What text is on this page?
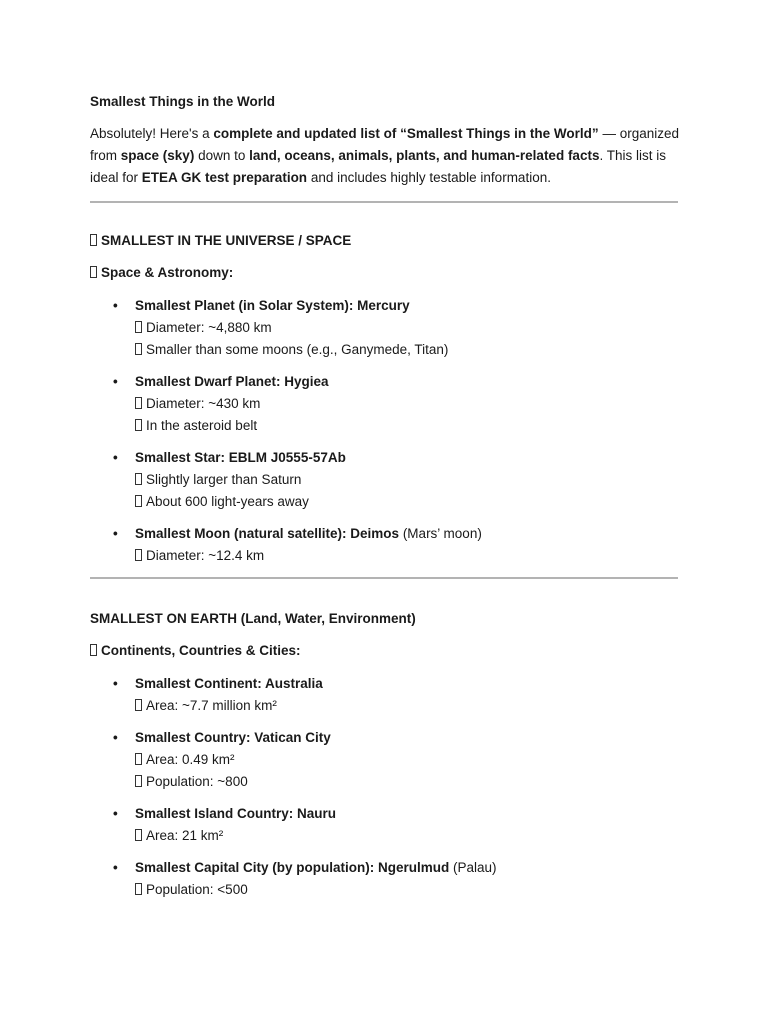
Smallest Things in the World

Absolutely! Here's a complete and updated list of “Smallest Things in the World” — organized from space (sky) down to land, oceans, animals, plants, and human-related facts. This list is ideal for ETEA GK test preparation and includes highly testable information.

SMALLEST IN THE UNIVERSE / SPACE

Space & Astronomy:

• Smallest Planet (in Solar System): Mercury
Diameter: ~4,880 km
Smaller than some moons (e.g., Ganymede, Titan)
• Smallest Dwarf Planet: Hygiea
Diameter: ~430 km
In the asteroid belt
• Smallest Star: EBLM J0555-57Ab
Slightly larger than Saturn
About 600 light-years away
• Smallest Moon (natural satellite): Deimos (Mars’ moon)
Diameter: ~12.4 km

SMALLEST ON EARTH (Land, Water, Environment)

Continents, Countries & Cities:

• Smallest Continent: Australia
Area: ~7.7 million km²
• Smallest Country: Vatican City
Area: 0.49 km²
Population: ~800
• Smallest Island Country: Nauru
Area: 21 km²
• Smallest Capital City (by population): Ngerulmud (Palau)
Population: <500
